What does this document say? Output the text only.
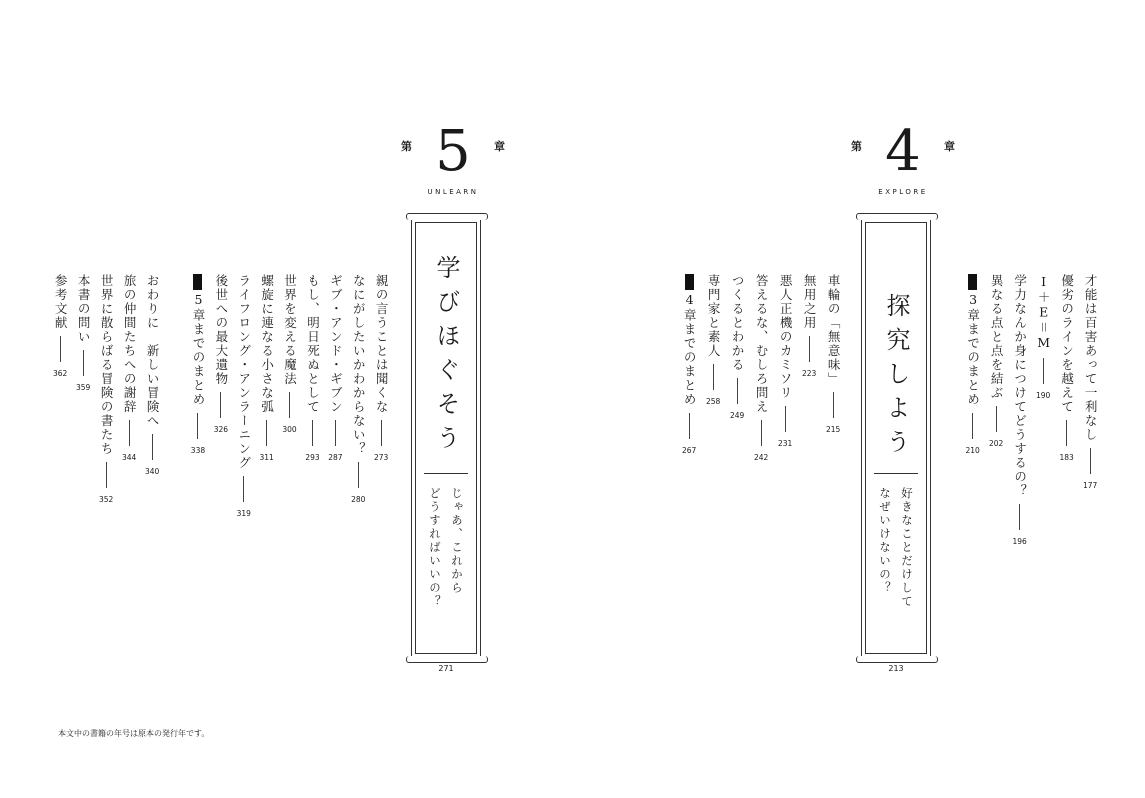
第 5	章
UNLEARN
学びほぐそう
じゃあ、これから
どうすればいいの？
271
第 4	章
EXPLORE
探究しよう
好きなことだけして
なぜいけないの？
213
才能は百害あって一利なし177
優劣のラインを越えて183
I＋E＝M190
学力なんか身につけてどうするの？196
異なる点と点を結ぶ202
3章までのまとめ210
車輪の「無意味」215
無用之用223
悪人正機のカミソリ231
答えるな、むしろ問え242
つくるとわかる249
専門家と素人258
4章までのまとめ267
親の言うことは聞くな273
なにがしたいかわからない？280
ギブ・アンド・ギブン287
もし、明日死ぬとして293
世界を変える魔法300
螺旋に連なる小さな弧311
ライフロング・アンラーニング319
後世への最大遺物326
5章までのまとめ338
おわりに　新しい冒険へ340
旅の仲間たちへの謝辞344
世界に散らばる冒険の書たち352
本書の問い359
参考文献362
本文中の書籍の年号は原本の発行年です。
